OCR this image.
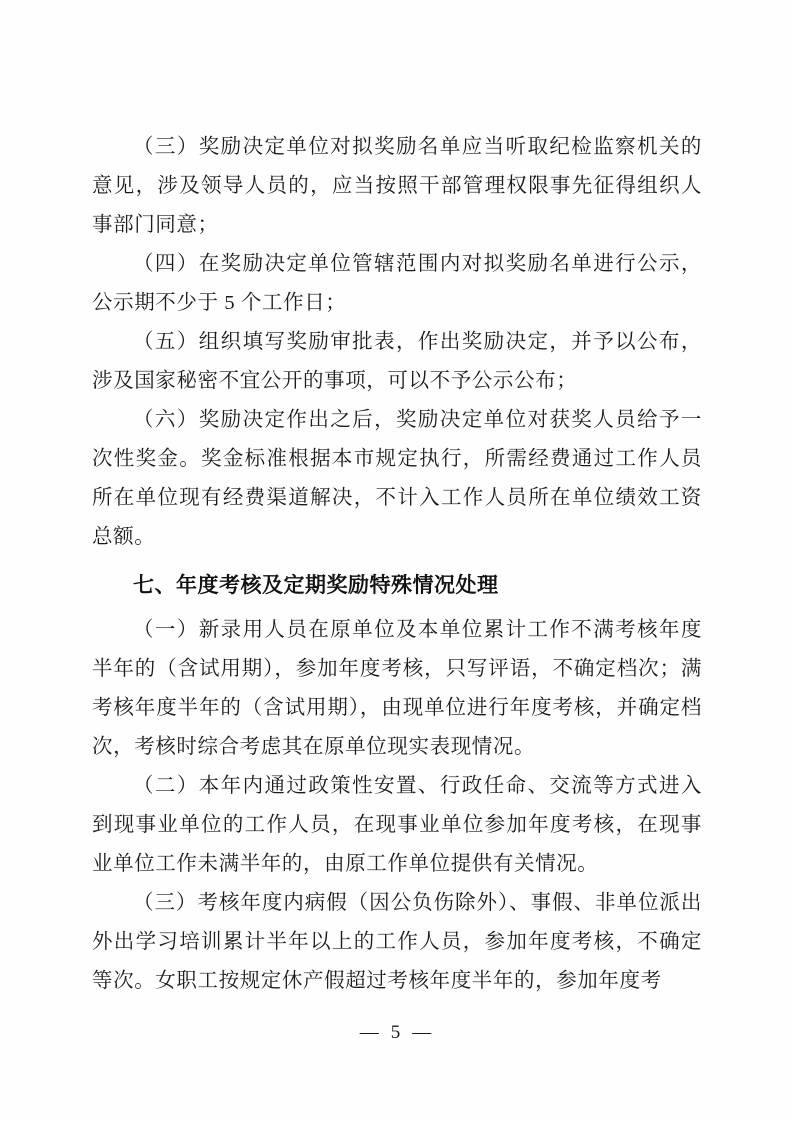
（三）奖励决定单位对拟奖励名单应当听取纪检监察机关的意见，涉及领导人员的，应当按照干部管理权限事先征得组织人事部门同意；

（四）在奖励决定单位管辖范围内对拟奖励名单进行公示，公示期不少于 5 个工作日；

（五）组织填写奖励审批表，作出奖励决定，并予以公布，涉及国家秘密不宜公开的事项，可以不予公示公布；

（六）奖励决定作出之后，奖励决定单位对获奖人员给予一次性奖金。奖金标准根据本市规定执行，所需经费通过工作人员所在单位现有经费渠道解决，不计入工作人员所在单位绩效工资总额。

七、年度考核及定期奖励特殊情况处理

（一）新录用人员在原单位及本单位累计工作不满考核年度半年的（含试用期），参加年度考核，只写评语，不确定档次；满考核年度半年的（含试用期），由现单位进行年度考核，并确定档次，考核时综合考虑其在原单位现实表现情况。

（二）本年内通过政策性安置、行政任命、交流等方式进入到现事业单位的工作人员，在现事业单位参加年度考核，在现事业单位工作未满半年的，由原工作单位提供有关情况。

（三）考核年度内病假（因公负伤除外）、事假、非单位派出外出学习培训累计半年以上的工作人员，参加年度考核，不确定等次。女职工按规定休产假超过考核年度半年的，参加年度考

— 5 —
